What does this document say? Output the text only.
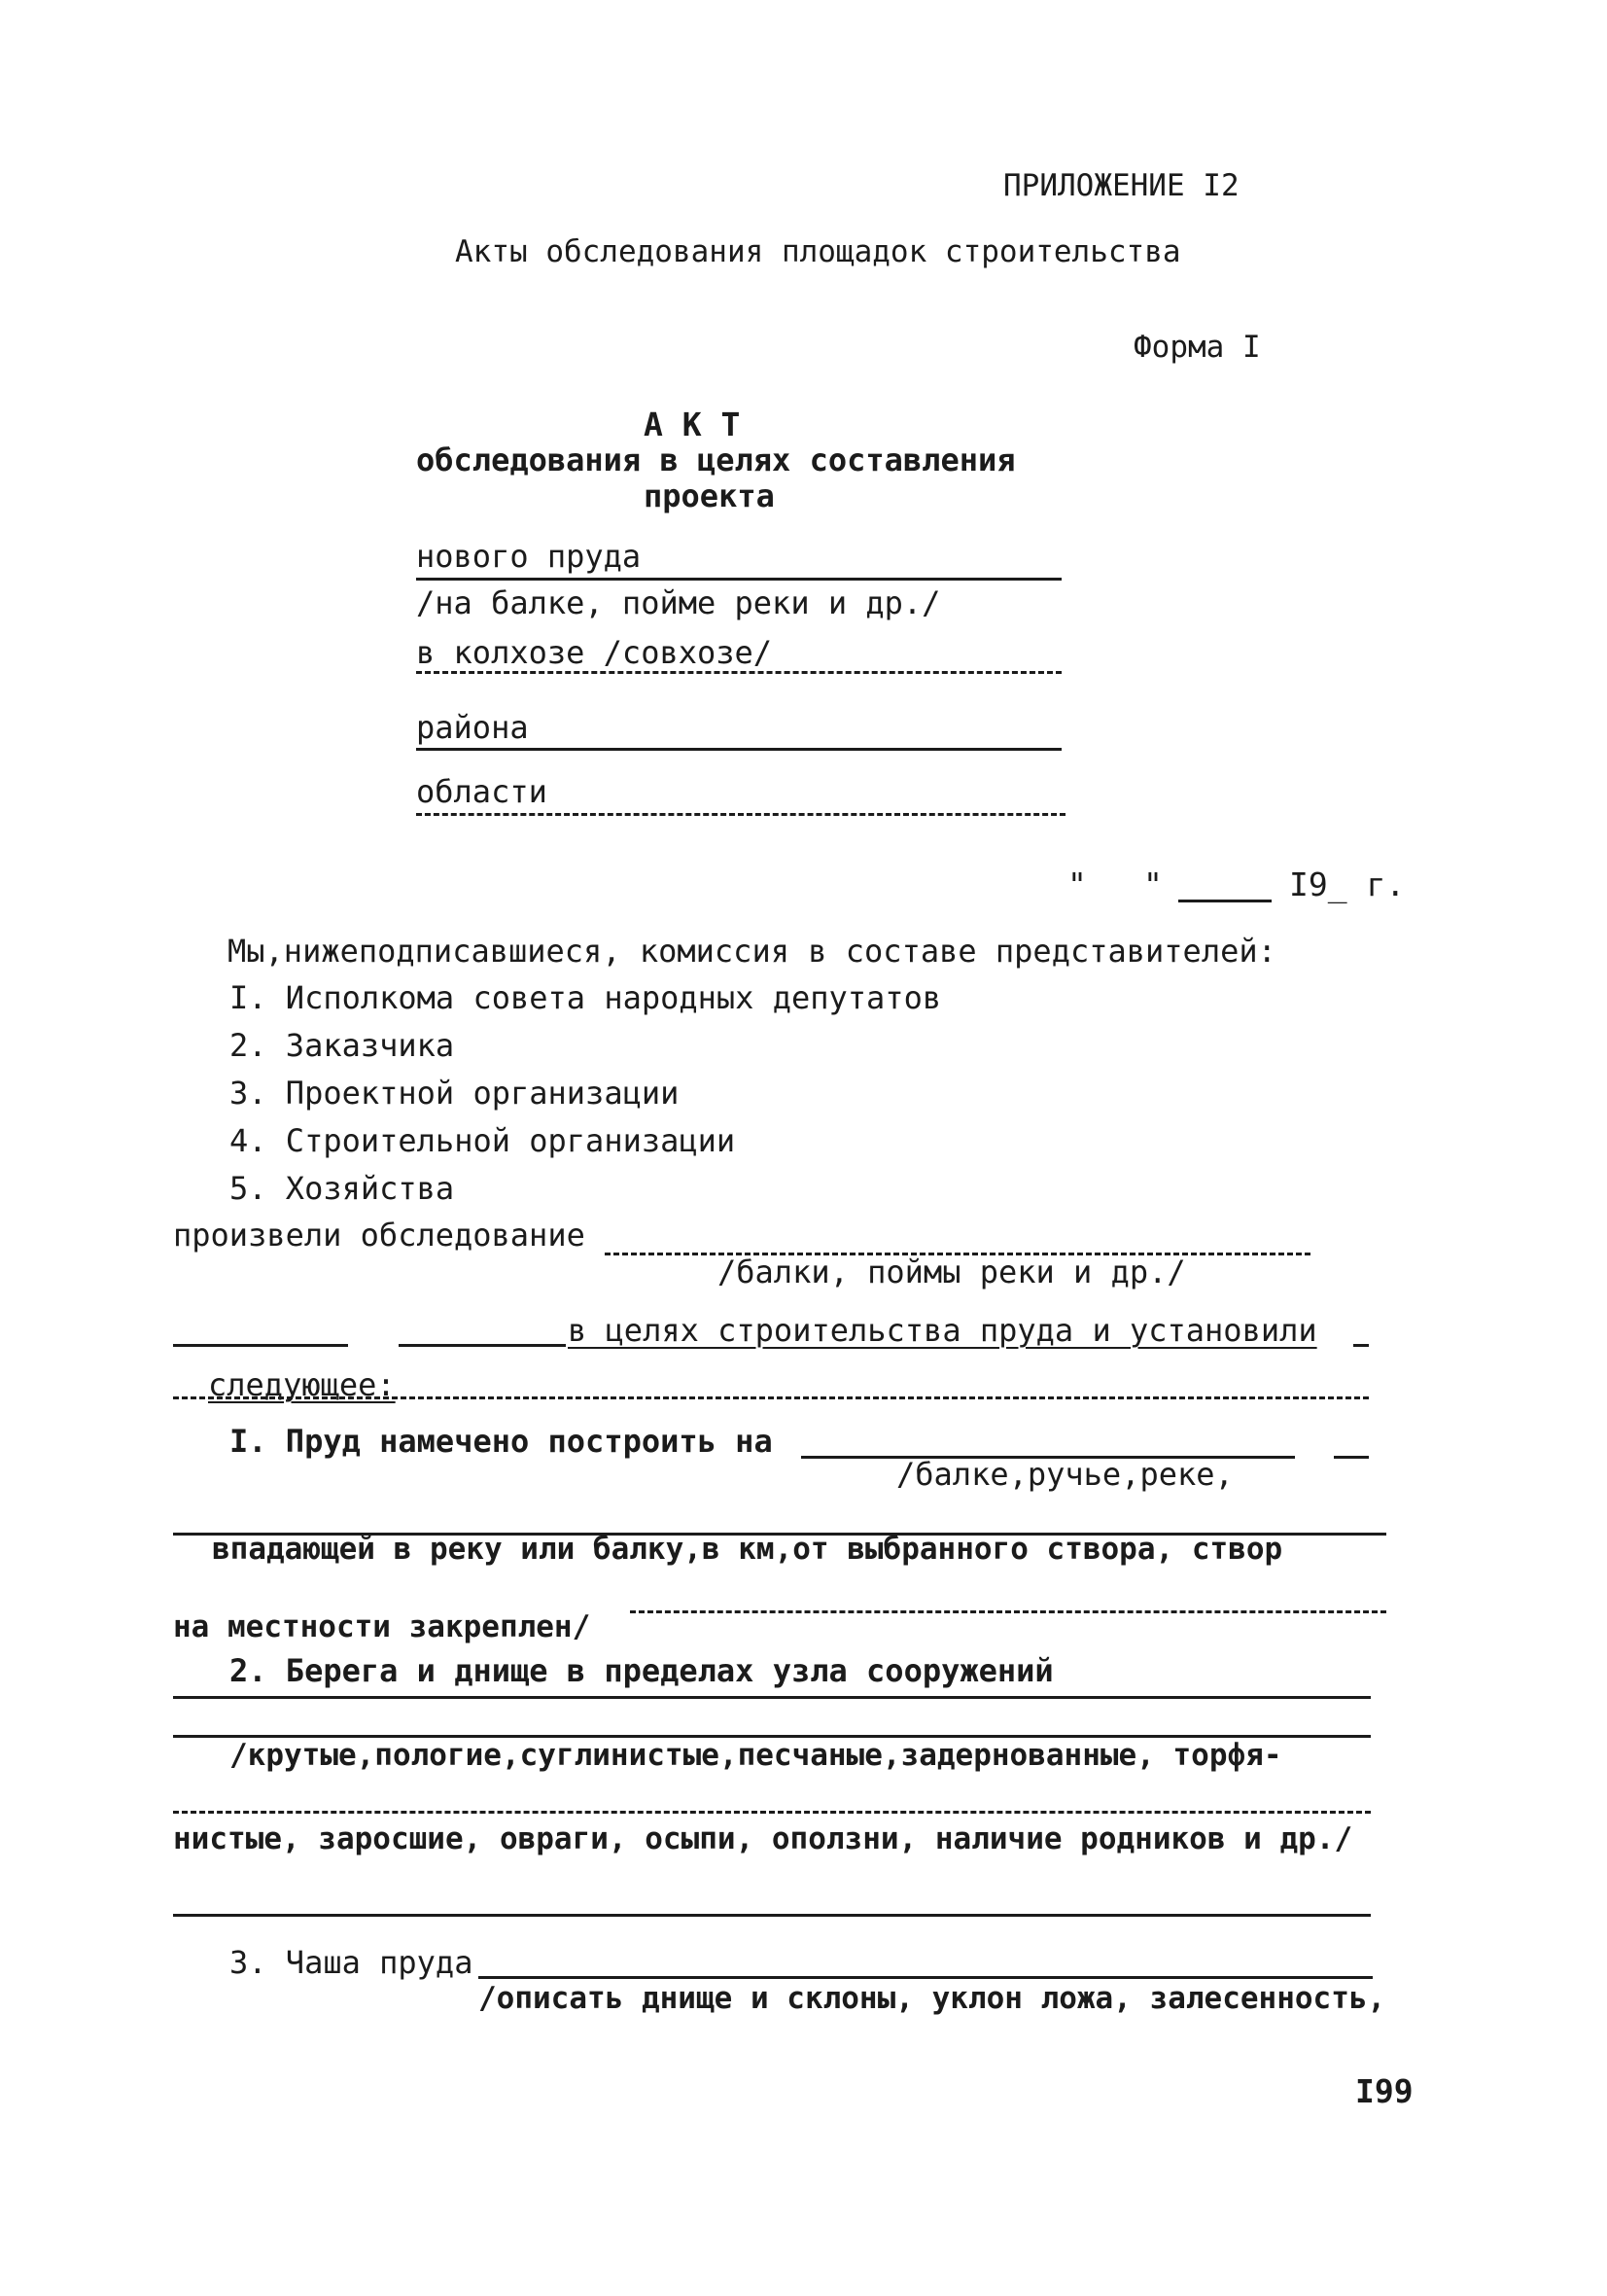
ПРИЛОЖЕНИЕ I2
Акты обследования площадок строительства
Форма I
А К Т
обследования в целях составления
проекта
нового пруда
/на балке, пойме реки и др./
в колхозе /совхозе/
района
области
" "	I9_ г.
Мы,нижеподписавшиеся, комиссия в составе представителей:
I. Исполкома совета народных депутатов
2. Заказчика
3. Проектной организации
4. Строительной организации
5. Хозяйства
произвели обследование
/балки, поймы реки и др./
в целях строительства пруда и установили
следующее:
I. Пруд намечено построить на
/балке,ручье,реке,
впадающей в реку или балку,в км,от выбранного створа, створ
на местности закреплен/
2. Берега и днище в пределах узла сооружений
/крутые,пологие,суглинистые,песчаные,задернованные, торфя-
нистые, заросшие, овраги, осыпи, оползни, наличие родников и др./
3. Чаша пруда
/описать днище и склоны, уклон ложа, залесенность,
I99
